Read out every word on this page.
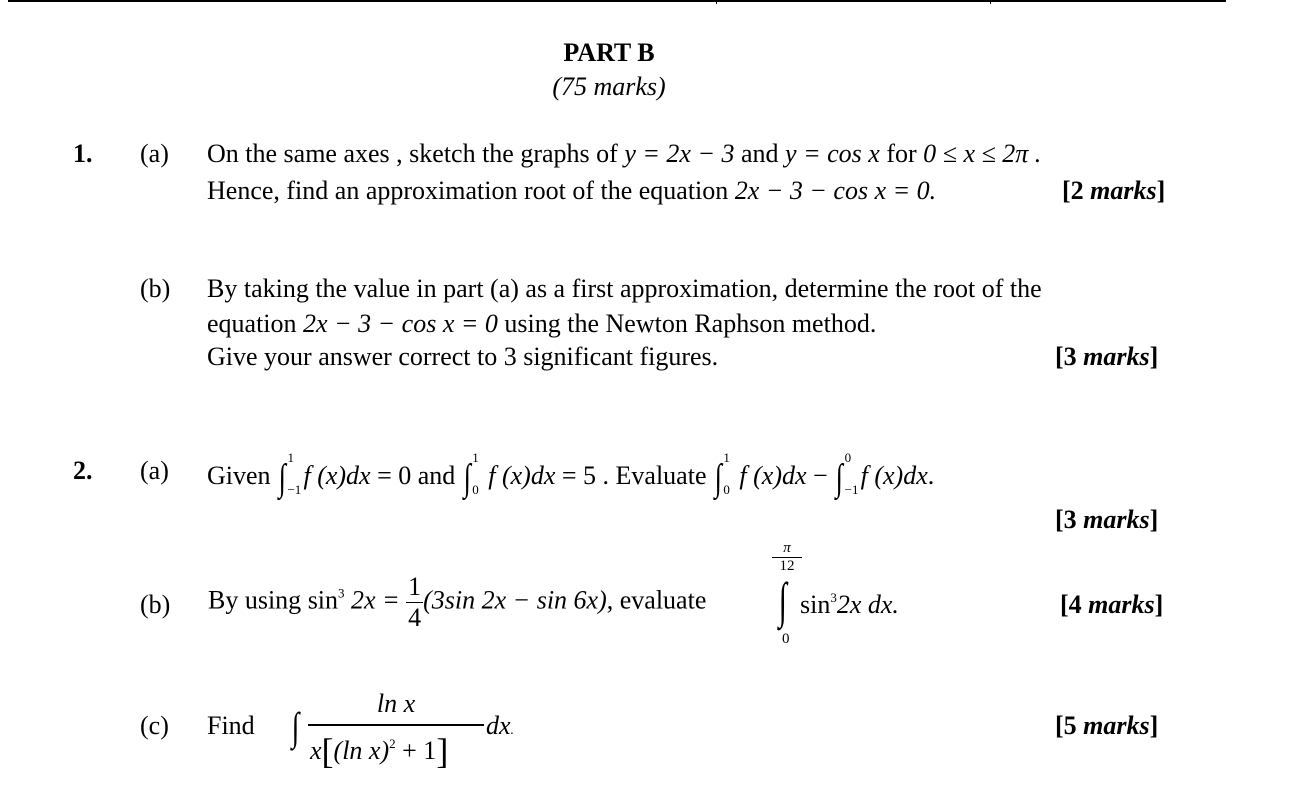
PART B
(75 marks)
1. (a) On the same axes , sketch the graphs of y = 2x − 3 and y = cos x for 0 ≤ x ≤ 2π .
Hence, find an approximation root of the equation 2x − 3 − cos x = 0.	[2 marks]
(b) By taking the value in part (a) as a first approximation, determine the root of the
equation 2x − 3 − cos x = 0 using the Newton Raphson method.
Give your answer correct to 3 significant figures.	[3 marks]
2. (a) Given ∫ 1
−1 f (x)dx = 0 and ∫ 1
0 f (x)dx = 5 . Evaluate ∫ 1
0 f (x)dx − ∫ 0
−1 f (x)dx.
[3 marks]
(b) By using $\sin^3 2x = \frac{1}{4} (3\sin$ 2x − sin 6x), evaluate
$\frac{\pi}{12}$
∫
0
$\sin^32x$ dx.	[4 marks]
(c) Find ∫
ln x
x[(ln x)$^2$ + 1]
dx.	[5 marks]
